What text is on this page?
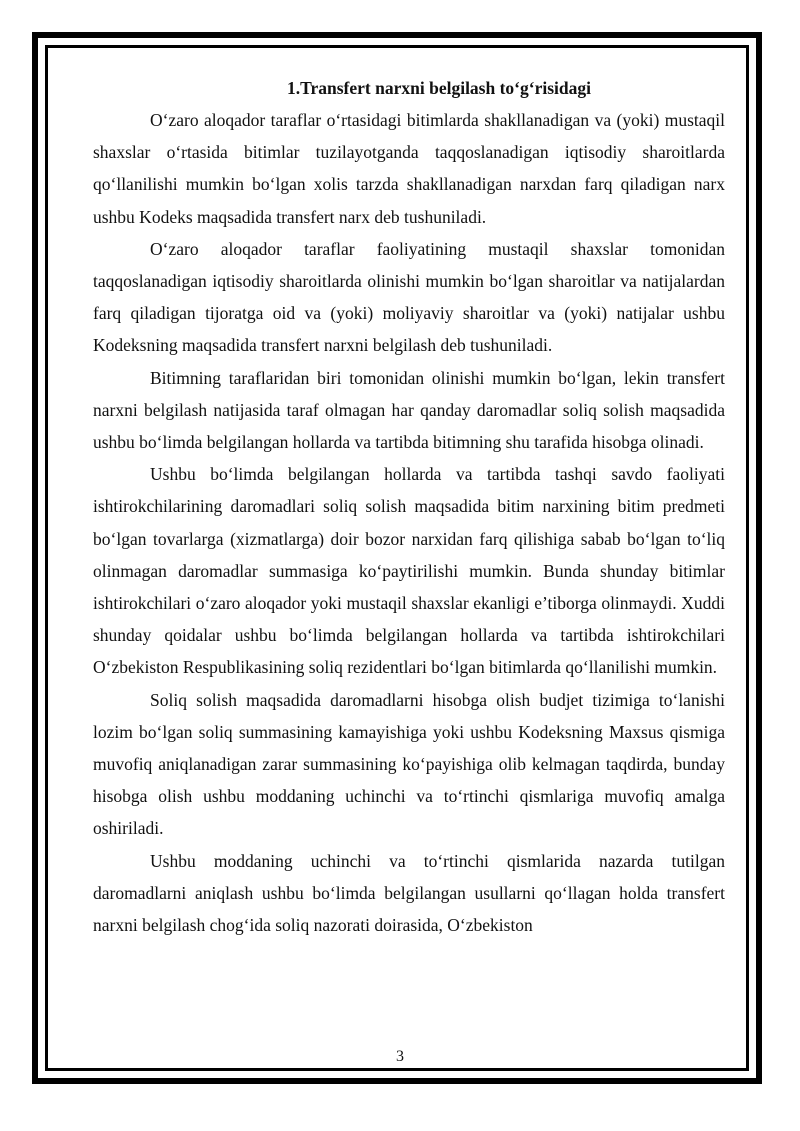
1.Transfert narxni belgilash to‘g‘risidagi

O‘zaro aloqador taraflar o‘rtasidagi bitimlarda shakllanadigan va (yoki) mustaqil shaxslar o‘rtasida bitimlar tuzilayotganda taqqoslanadigan iqtisodiy sharoitlarda qo‘llanilishi mumkin bo‘lgan xolis tarzda shakllanadigan narxdan farq qiladigan narx ushbu Kodeks maqsadida transfert narx deb tushuniladi.

O‘zaro aloqador taraflar faoliyatining mustaqil shaxslar tomonidan taqqoslanadigan iqtisodiy sharoitlarda olinishi mumkin bo‘lgan sharoitlar va natijalardan farq qiladigan tijoratga oid va (yoki) moliyaviy sharoitlar va (yoki) natijalar ushbu Kodeksning maqsadida transfert narxni belgilash deb tushuniladi.

Bitimning taraflaridan biri tomonidan olinishi mumkin bo‘lgan, lekin transfert narxni belgilash natijasida taraf olmagan har qanday daromadlar soliq solish maqsadida ushbu bo‘limda belgilangan hollarda va tartibda bitimning shu tarafida hisobga olinadi.

Ushbu bo‘limda belgilangan hollarda va tartibda tashqi savdo faoliyati ishtirokchilarining daromadlari soliq solish maqsadida bitim narxining bitim predmeti bo‘lgan tovarlarga (xizmatlarga) doir bozor narxidan farq qilishiga sabab bo‘lgan to‘liq olinmagan daromadlar summasiga ko‘paytirilishi mumkin. Bunda shunday bitimlar ishtirokchilari o‘zaro aloqador yoki mustaqil shaxslar ekanligi e’tiborga olinmaydi. Xuddi shunday qoidalar ushbu bo‘limda belgilangan hollarda va tartibda ishtirokchilari O‘zbekiston Respublikasining soliq rezidentlari bo‘lgan bitimlarda qo‘llanilishi mumkin.

Soliq solish maqsadida daromadlarni hisobga olish budjet tizimiga to‘lanishi lozim bo‘lgan soliq summasining kamayishiga yoki ushbu Kodeksning Maxsus qismiga muvofiq aniqlanadigan zarar summasining ko‘payishiga olib kelmagan taqdirda, bunday hisobga olish ushbu moddaning uchinchi va to‘rtinchi qismlariga muvofiq amalga oshiriladi.

Ushbu moddaning uchinchi va to‘rtinchi qismlarida nazarda tutilgan daromadlarni aniqlash ushbu bo‘limda belgilangan usullarni qo‘llagan holda transfert narxni belgilash chog‘ida soliq nazorati doirasida, O‘zbekiston

3
